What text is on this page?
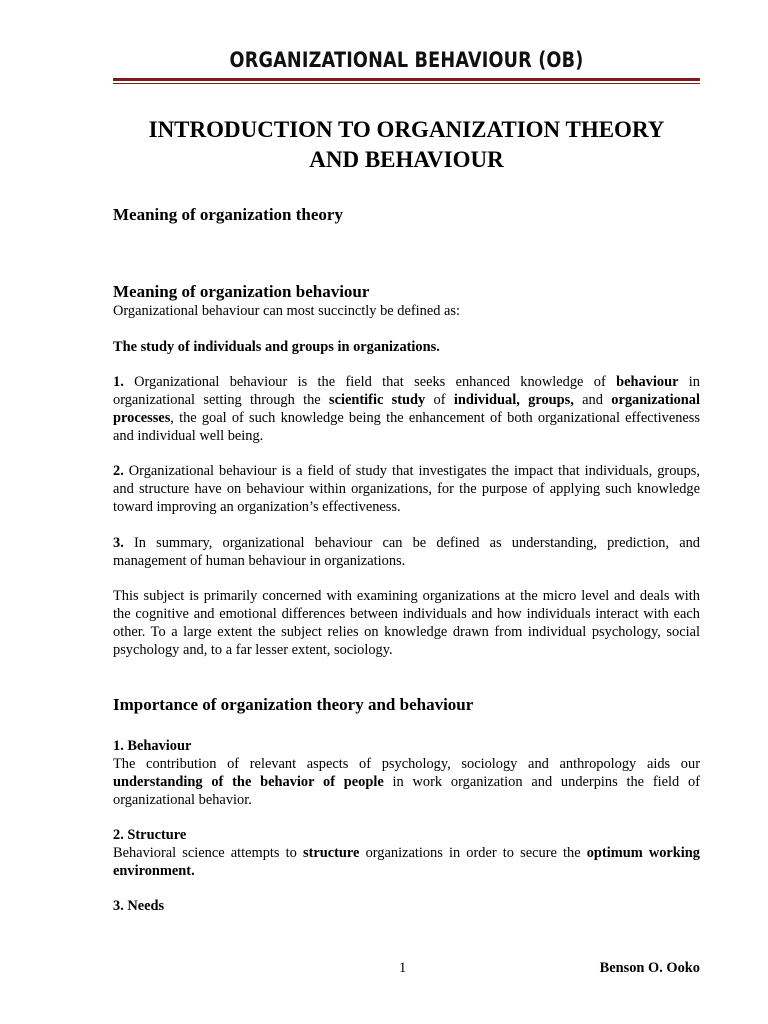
ORGANIZATIONAL BEHAVIOUR (OB)
INTRODUCTION TO ORGANIZATION THEORY
AND BEHAVIOUR
Meaning of organization theory
Meaning of organization behaviour
Organizational behaviour can most succinctly be defined as:
The study of individuals and groups in organizations.
1. Organizational behaviour is the field that seeks enhanced knowledge of behaviour in organizational setting through the scientific study of individual, groups, and organizational processes, the goal of such knowledge being the enhancement of both organizational effectiveness and individual well being.
2. Organizational behaviour is a field of study that investigates the impact that individuals, groups, and structure have on behaviour within organizations, for the purpose of applying such knowledge toward improving an organization’s effectiveness.
3. In summary, organizational behaviour can be defined as understanding, prediction, and management of human behaviour in organizations.
This subject is primarily concerned with examining organizations at the micro level and deals with the cognitive and emotional differences between individuals and how individuals interact with each other. To a large extent the subject relies on knowledge drawn from individual psychology, social psychology and, to a far lesser extent, sociology.
Importance of organization theory and behaviour
1. Behaviour
The contribution of relevant aspects of psychology, sociology and anthropology aids our understanding of the behavior of people in work organization and underpins the field of organizational behavior.
2. Structure
Behavioral science attempts to structure organizations in order to secure the optimum working environment.
3. Needs
1	Benson O. Ooko
